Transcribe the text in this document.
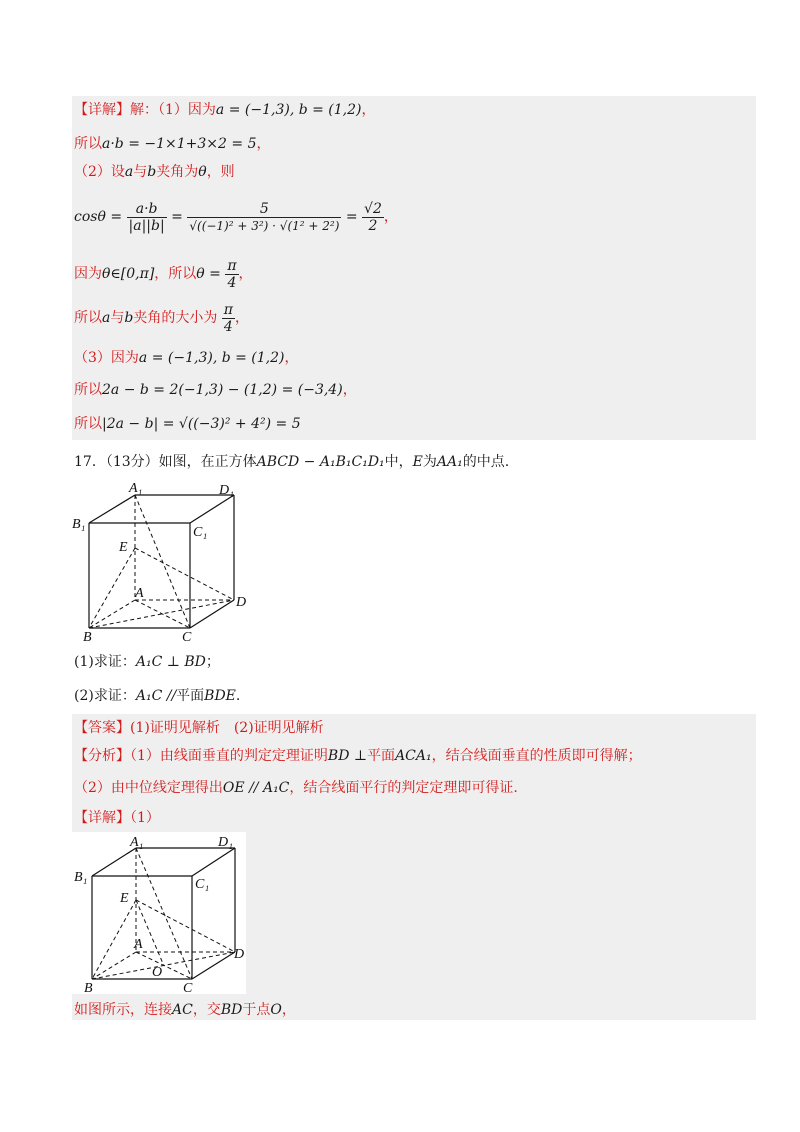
【详解】解：（1）因为a = (−1,3), b = (1,2)，
所以a·b = −1×1+3×2 = 5，
（2）设a与b夹角为θ，则
$\cos\theta = \frac{a\cdot b}{|a||b|} = \frac{5}{\text{√((−1)² + 3²) · √(1² + 2²)}} = \frac{√2}{2}$ ，
因为θ∈[0,π]，所以$\theta = \frac{\pi}{4}$ ，
所以a与b夹角的大小为 $\frac{\pi}{4}$ ，
（3）因为a = (−1,3), b = (1,2)，
所以2a − b = 2(−1,3) − (1,2) = (−3,4)，
所以|2a − b| = √((−3)² + 4²) = 5
17．（13分）如图，在正方体ABCD − A₁B₁C₁D₁中，E为AA₁的中点.
A₁	D₁
B₁
C₁
E
A
D
B	C
(1)求证：A₁C ⊥ BD；
(2)求证：A₁C //平面BDE.
【答案】(1)证明见解析　(2)证明见解析
【分析】（1）由线面垂直的判定定理证明BD ⊥平面ACA₁，结合线面垂直的性质即可得解；
（2）由中位线定理得出OE // A₁C，结合线面平行的判定定理即可得证.
【详解】（1）
A₁	D₁
B₁	C₁
E
A
O
D
B	C
如图所示，连接AC，交BD于点O，
